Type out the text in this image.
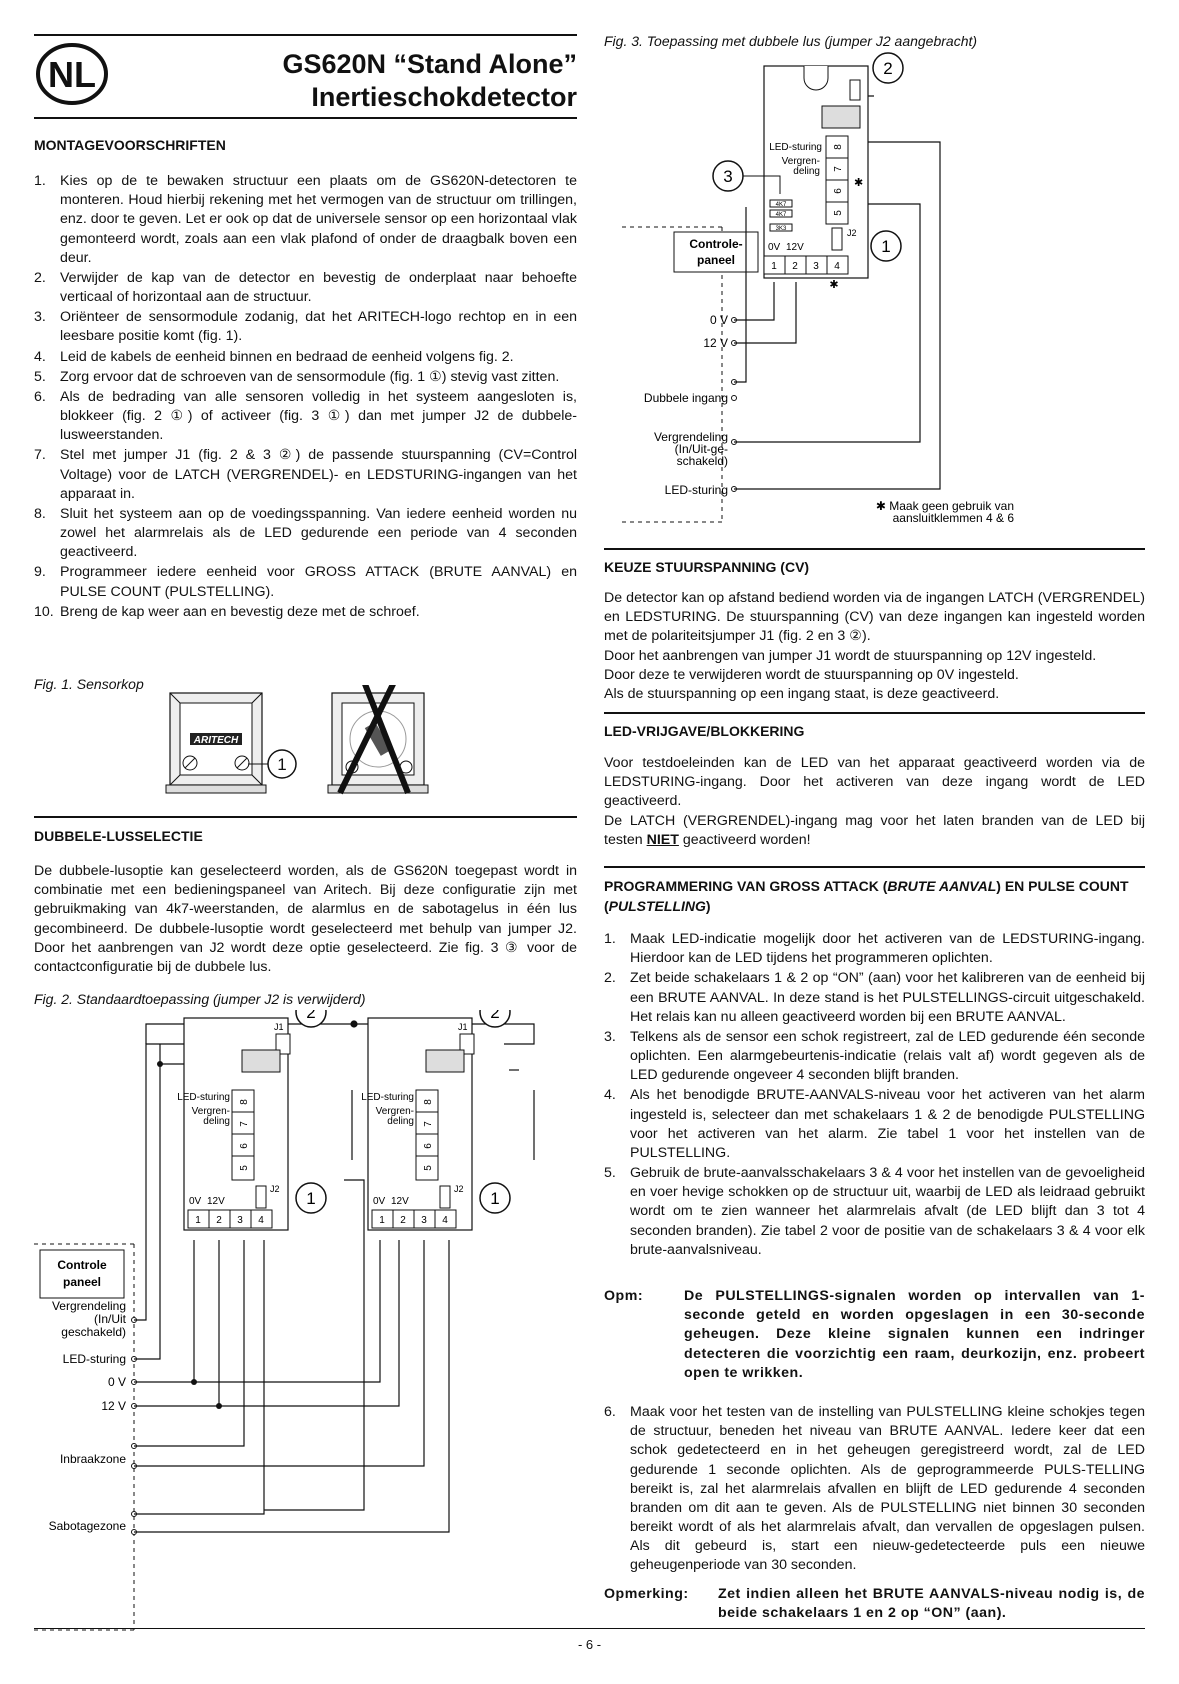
NL	GS620N “Stand Alone”
Inertieschokdetector
MONTAGEVOORSCHRIFTEN
1. Kies op de te bewaken structuur een plaats om de GS620N-detectoren te monteren. Houd hierbij rekening met het vermogen van de structuur om trillingen, enz. door te geven. Let er ook op dat de universele sensor op een horizontaal vlak gemonteerd wordt, zoals aan een vlak plafond of onder de draagbalk boven een deur.
2. Verwijder de kap van de detector en bevestig de onderplaat naar behoefte verticaal of horizontaal aan de structuur.
3. Oriënteer de sensormodule zodanig, dat het ARITECH-logo rechtop en in een leesbare positie komt (fig. 1).
4. Leid de kabels de eenheid binnen en bedraad de eenheid volgens fig. 2.
5. Zorg ervoor dat de schroeven van de sensormodule (fig. 1 ①) stevig vast zitten.
6. Als de bedrading van alle sensoren volledig in het systeem aangesloten is, blokkeer (fig. 2 ①) of activeer (fig. 3 ①) dan met jumper J2 de dubbele-lusweerstanden.
7. Stel met jumper J1 (fig. 2 & 3 ②) de passende stuurspanning (CV=Control Voltage) voor de LATCH (VERGRENDEL)- en LEDSTURING-ingangen van het apparaat in.
8. Sluit het systeem aan op de voedingsspanning. Van iedere eenheid worden nu zowel het alarmrelais als de LED gedurende een periode van 4 seconden geactiveerd.
9. Programmeer iedere eenheid voor GROSS ATTACK (BRUTE AANVAL) en PULSE COUNT (PULSTELLING).
10. Breng de kap weer aan en bevestig deze met de schroef.
Fig. 1. Sensorkop
ARITECH
1
DUBBELE-LUSSELECTIE

De dubbele-lusoptie kan geselecteerd worden, als de GS620N toegepast wordt in combinatie met een bedieningspaneel van Aritech. Bij deze configuratie zijn met gebruikmaking van 4k7-weerstanden, de alarmlus en de sabotagelus in één lus gecombineerd. De dubbele-lusoptie wordt geselecteerd met behulp van jumper J2. Door het aanbrengen van J2 wordt deze optie geselecteerd. Zie fig. 3 ③ voor de contactconfiguratie bij de dubbele lus.

Fig. 2. Standaardtoepassing (jumper J2 is verwijderd)
Controle
paneel
Vergrendeling
(In/Uit
geschakeld)
LED-sturing
0 V
12 V
Inbraakzone
Sabotagezone
J1
8
7
6
5
LED-sturing
Vergren-
deling
0V 12V
J2
1 2 3 4
2
1
J1
8
7
6
5
LED-sturing
Vergren-
deling
0V 12V
J2
1 2 3 4
2
1
Fig. 3. Toepassing met dubbele lus (jumper J2 aangebracht)
Controle-
paneel
0 V
12 V
Dubbele ingang
Vergrendeling
(In/Uit-ge-
schakeld)
LED-sturing
✱ Maak geen gebruik van
aansluitklemmen 4 & 6
8
7
6
5
✱
LED-sturing
Vergren-
deling
4K7
4K7
3K3	J2
0V 12V
1 2 3 4
✱
2
1
3
KEUZE STUURSPANNING (CV)

De detector kan op afstand bediend worden via de ingangen LATCH (VERGRENDEL) en LEDSTURING. De stuurspanning (CV) van deze ingangen kan ingesteld worden met de polariteitsjumper J1 (fig. 2 en 3 ②).

Door het aanbrengen van jumper J1 wordt de stuurspanning op 12V ingesteld.

Door deze te verwijderen wordt de stuurspanning op 0V ingesteld.

Als de stuurspanning op een ingang staat, is deze geactiveerd.

LED-VRIJGAVE/BLOKKERING

Voor testdoeleinden kan de LED van het apparaat geactiveerd worden via de LEDSTURING-ingang. Door het activeren van deze ingang wordt de LED geactiveerd.

De LATCH (VERGRENDEL)-ingang mag voor het laten branden van de LED bij testen NIET geactiveerd worden!

PROGRAMMERING VAN GROSS ATTACK (BRUTE AANVAL) EN PULSE COUNT (PULSTELLING)
1. Maak LED-indicatie mogelijk door het activeren van de LEDSTURING-ingang. Hierdoor kan de LED tijdens het programmeren oplichten.
2. Zet beide schakelaars 1 & 2 op “ON” (aan) voor het kalibreren van de eenheid bij een BRUTE AANVAL. In deze stand is het PULSTELLINGS-circuit uitgeschakeld. Het relais kan nu alleen geactiveerd worden bij een BRUTE AANVAL.
3. Telkens als de sensor een schok registreert, zal de LED gedurende één seconde oplichten. Een alarmgebeurtenis-indicatie (relais valt af) wordt gegeven als de LED gedurende ongeveer 4 seconden blijft branden.
4. Als het benodigde BRUTE-AANVALS-niveau voor het activeren van het alarm ingesteld is, selecteer dan met schakelaars 1 & 2 de benodigde PULSTELLING voor het activeren van het alarm. Zie tabel 1 voor het instellen van de PULSTELLING.
5. Gebruik de brute-aanvalsschakelaars 3 & 4 voor het instellen van de gevoeligheid en voer hevige schokken op de structuur uit, waarbij de LED als leidraad gebruikt wordt om te zien wanneer het alarmrelais afvalt (de LED blijft dan 3 tot 4 seconden branden). Zie tabel 2 voor de positie van de schakelaars 3 & 4 voor elk brute-aanvalsniveau.
Opm:	De PULSTELLINGS-signalen worden op intervallen van 1-seconde geteld en worden opgeslagen in een 30-seconde geheugen. Deze kleine signalen kunnen een indringer detecteren die voorzichtig een raam, deurkozijn, enz. probeert open te wrikken.
6. Maak voor het testen van de instelling van PULSTELLING kleine schokjes tegen de structuur, beneden het niveau van BRUTE AANVAL. Iedere keer dat een schok gedetecteerd en in het geheugen geregistreerd wordt, zal de LED gedurende 1 seconde oplichten. Als de geprogrammeerde PULS-TELLING bereikt is, zal het alarmrelais afvallen en blijft de LED gedurende 4 seconden branden om dit aan te geven. Als de PULSTELLING niet binnen 30 seconden bereikt wordt of als het alarmrelais afvalt, dan vervallen de opgeslagen pulsen. Als dit gebeurd is, start een nieuw-gedetecteerde puls een nieuwe geheugenperiode van 30 seconden.
Opmerking:	Zet indien alleen het BRUTE AANVALS-niveau nodig is, de beide schakelaars 1 en 2 op “ON” (aan).
- 6 -
